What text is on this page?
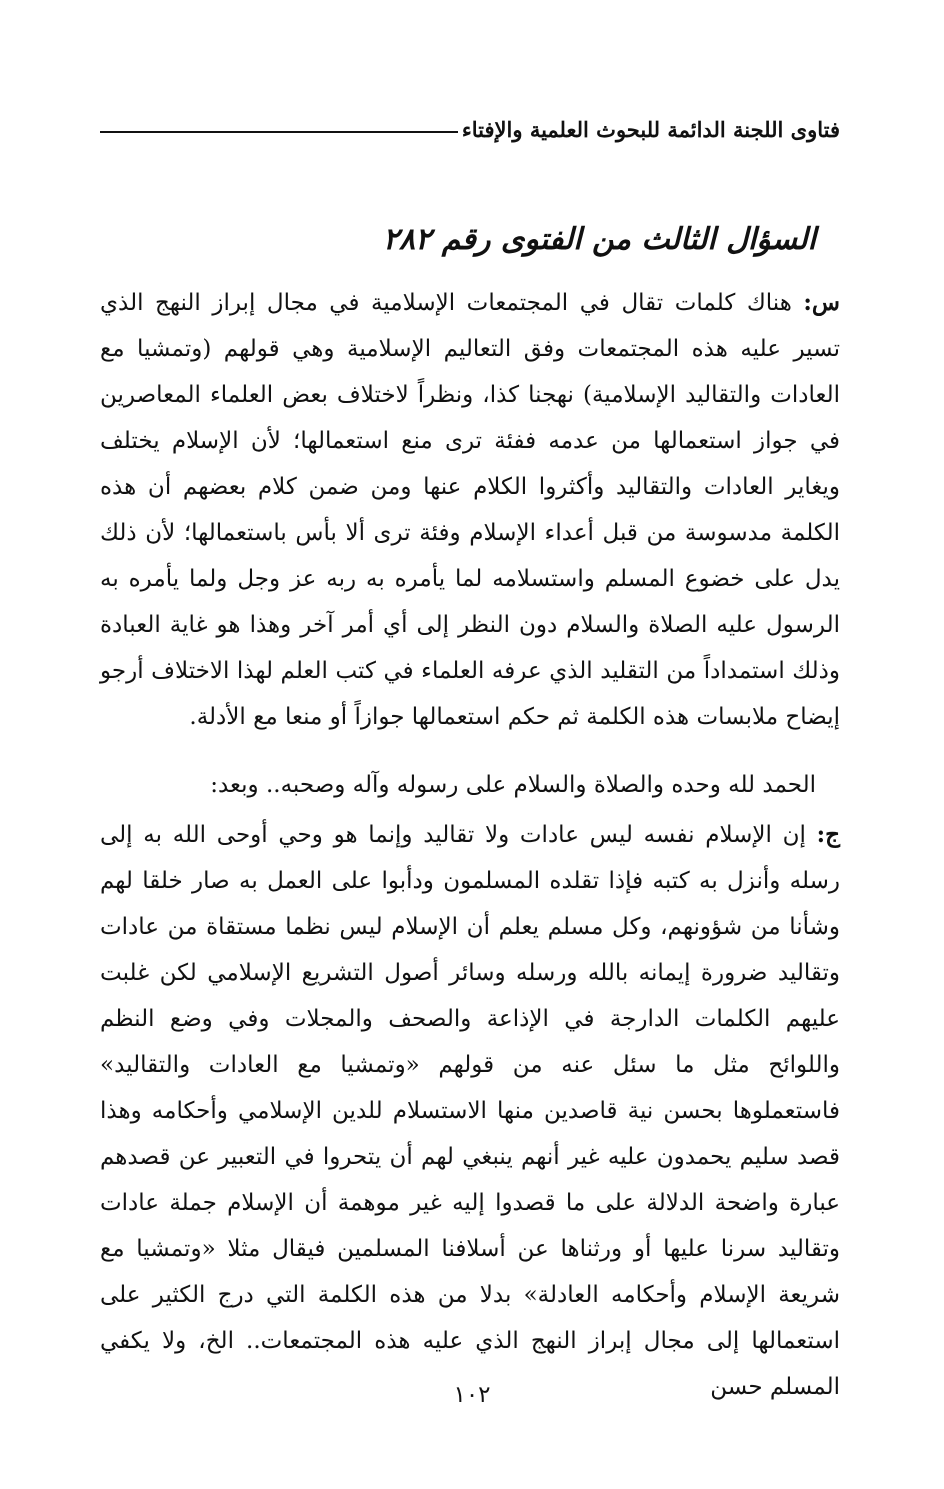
فتاوى اللجنة الدائمة للبحوث العلمية والإفتاء
السؤال الثالث من الفتوى رقم ٢٨٢

س: هناك كلمات تقال في المجتمعات الإسلامية في مجال إبراز النهج الذي تسير عليه هذه المجتمعات وفق التعاليم الإسلامية وهي قولهم (وتمشيا مع العادات والتقاليد الإسلامية) نهجنا كذا، ونظراً لاختلاف بعض العلماء المعاصرين في جواز استعمالها من عدمه ففئة ترى منع استعمالها؛ لأن الإسلام يختلف ويغاير العادات والتقاليد وأكثروا الكلام عنها ومن ضمن كلام بعضهم أن هذه الكلمة مدسوسة من قبل أعداء الإسلام وفئة ترى ألا بأس باستعمالها؛ لأن ذلك يدل على خضوع المسلم واستسلامه لما يأمره به ربه عز وجل ولما يأمره به الرسول عليه الصلاة والسلام دون النظر إلى أي أمر آخر وهذا هو غاية العبادة وذلك استمداداً من التقليد الذي عرفه العلماء في كتب العلم لهذا الاختلاف أرجو إيضاح ملابسات هذه الكلمة ثم حكم استعمالها جوازاً أو منعا مع الأدلة.

الحمد لله وحده والصلاة والسلام على رسوله وآله وصحبه.. وبعد:

ج: إن الإسلام نفسه ليس عادات ولا تقاليد وإنما هو وحي أوحى الله به إلى رسله وأنزل به كتبه فإذا تقلده المسلمون ودأبوا على العمل به صار خلقا لهم وشأنا من شؤونهم، وكل مسلم يعلم أن الإسلام ليس نظما مستقاة من عادات وتقاليد ضرورة إيمانه بالله ورسله وسائر أصول التشريع الإسلامي لكن غلبت عليهم الكلمات الدارجة في الإذاعة والصحف والمجلات وفي وضع النظم واللوائح مثل ما سئل عنه من قولهم «وتمشيا مع العادات والتقاليد» فاستعملوها بحسن نية قاصدين منها الاستسلام للدين الإسلامي وأحكامه وهذا قصد سليم يحمدون عليه غير أنهم ينبغي لهم أن يتحروا في التعبير عن قصدهم عبارة واضحة الدلالة على ما قصدوا إليه غير موهمة أن الإسلام جملة عادات وتقاليد سرنا عليها أو ورثناها عن أسلافنا المسلمين فيقال مثلا «وتمشيا مع شريعة الإسلام وأحكامه العادلة» بدلا من هذه الكلمة التي درج الكثير على استعمالها إلى مجال إبراز النهج الذي عليه هذه المجتمعات.. الخ، ولا يكفي المسلم حسن

١٠٢
